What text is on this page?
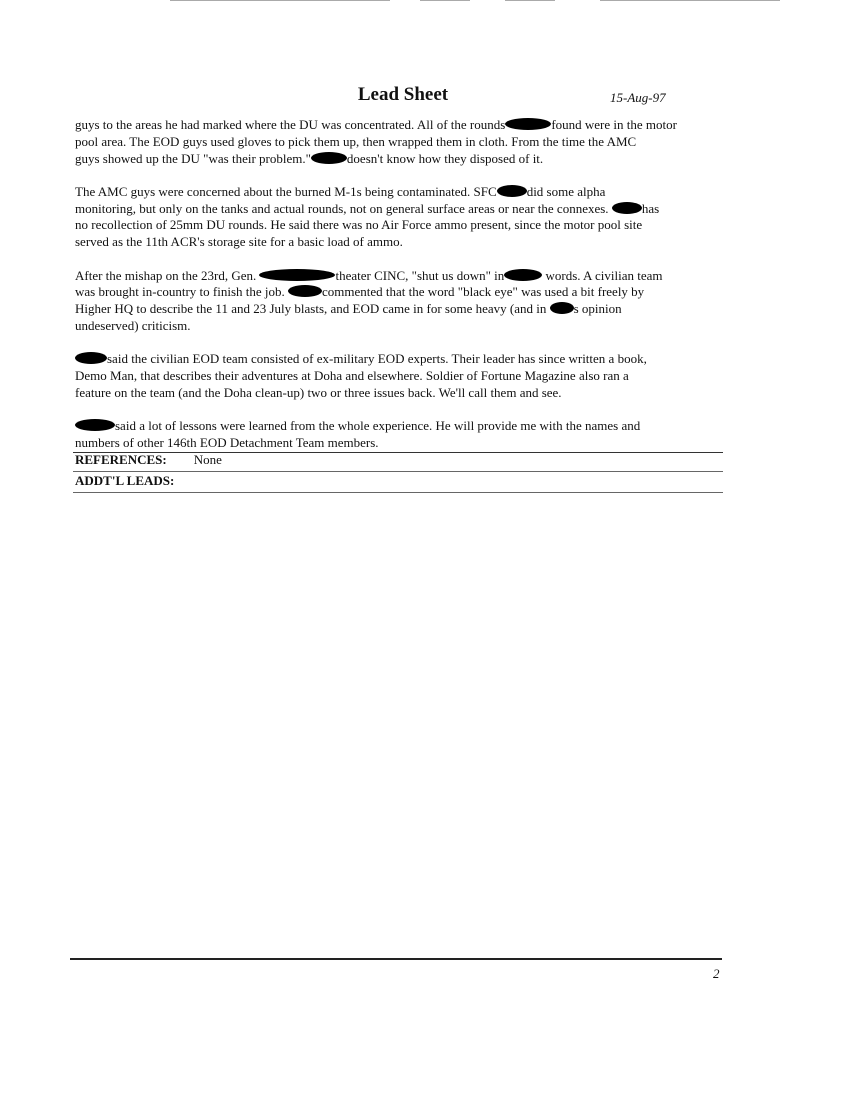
Lead Sheet	15-Aug-97
guys to the areas he had marked where the DU was concentrated. All of the rounds	found were in the motor
pool area. The EOD guys used gloves to pick them up, then wrapped them in cloth. From the time the AMC
guys showed up the DU "was their problem."	doesn't know how they disposed of it.
The AMC guys were concerned about the burned M-1s being contaminated. SFC did some alpha
monitoring, but only on the tanks and actual rounds, not on general surface areas or near the connexes.	has
no recollection of 25mm DU rounds. He said there was no Air Force ammo present, since the motor pool site
served as the 11th ACR's storage site for a basic load of ammo.
After the mishap on the 23rd, Gen.	theater CINC, "shut us down" in	words. A civilian team
was brought in-country to finish the job.	commented that the word "black eye" was used a bit freely by
Higher HQ to describe the 11 and 23 July blasts, and EOD came in for some heavy (and in s opinion
undeserved) criticism.
said the civilian EOD team consisted of ex-military EOD experts. Their leader has since written a book,
Demo Man, that describes their adventures at Doha and elsewhere. Soldier of Fortune Magazine also ran a
feature on the team (and the Doha clean-up) two or three issues back. We'll call them and see.
said a lot of lessons were learned from the whole experience. He will provide me with the names and
numbers of other 146th EOD Detachment Team members.
REFERENCES: None
ADDT'L LEADS:
2
